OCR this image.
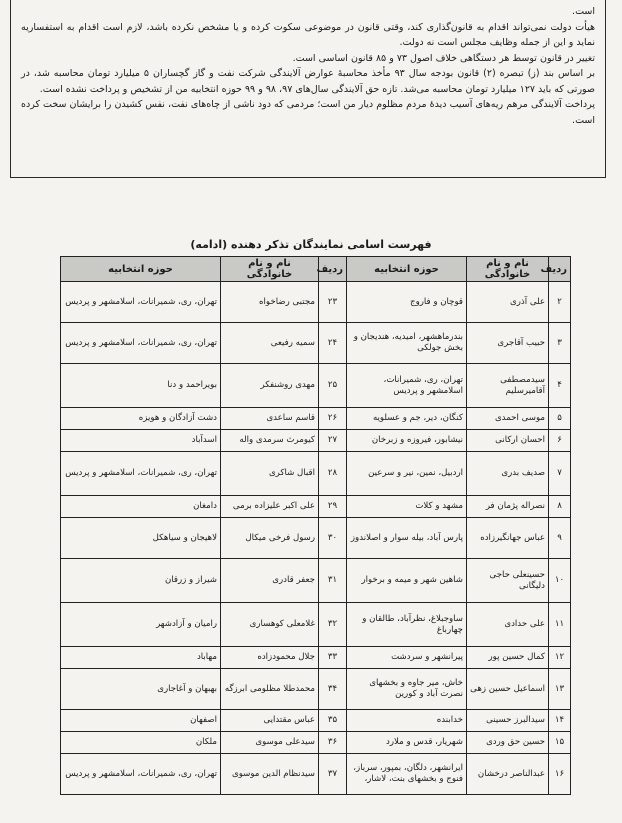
است.

هیأت دولت نمی‌تواند اقدام به قانون‌گذاری کند، وقتی قانون در موضوعی سکوت کرده و یا مشخص نکرده باشد، لازم است اقدام به استفساریه نماید و این از جمله وظایف مجلس است نه دولت.

تغییر در قانون توسط هر دستگاهی خلاف اصول ۷۳ و ۸۵ قانون اساسی است.

بر اساس بند (ز) تبصره (۲) قانون بودجه سال ۹۳ مأخذ محاسبهٔ عوارض آلایندگی شرکت نفت و گاز گچساران ۵ میلیارد تومان محاسبه شد، در صورتی که باید ۱۲۷ میلیارد تومان محاسبه می‌شد. تازه حق آلایندگی سال‌های ۹۷، ۹۸ و ۹۹ حوزه انتخابیه من از تشخیص و پرداخت نشده است.

پرداخت آلایندگی مرهم ریه‌های آسیب دیدهٔ مردم مظلوم دیار من است؛ مردمی که دود ناشی از چاه‌های نفت، نفس کشیدن را برایشان سخت کرده است.

فهرست اسامی نمایندگان تذکر دهنده (ادامه)
ردیف	نام و نام خانوادگی	حوزه انتخابیه	ردیف	نام و نام خانوادگی	حوزه انتخابیه
۲	علی آذری	قوچان و فاروج	۲۳	مجتبی رضاخواه	تهران، ری، شمیرانات، اسلامشهر و پردیس
۳	حبیب آقاجری	بندرماهشهر، امیدیه، هندیجان و بخش جولکی	۲۴	سمیه رفیعی	تهران، ری، شمیرانات، اسلامشهر و پردیس
۴	سیدمصطفی آقامیرسلیم	تهران، ری، شمیرانات، اسلامشهر و پردیس	۲۵	مهدی روشنفکر	بویراحمد و دنا
۵	موسی احمدی	کنگان، دیر، جم و عسلویه	۲۶	قاسم ساعدی	دشت آزادگان و هویزه
۶	احسان ارکانی	نیشابور، فیروزه و زبرخان	۲۷	کیومرث سرمدی واله	اسدآباد
۷	صدیف بدری	اردبیل، نمین، نیر و سرعین	۲۸	اقبال شاکری	تهران، ری، شمیرانات، اسلامشهر و پردیس
۸	نصراله پژمان فر	مشهد و کلات	۲۹	علی اکبر علیزاده برمی	دامغان
۹	عباس جهانگیرزاده	پارس آباد، بیله سوار و اصلاندوز	۳۰	رسول فرخی میکال	لاهیجان و سیاهکل
۱۰	حسینعلی حاجی دلیگانی	شاهین شهر و میمه و برخوار	۳۱	جعفر قادری	شیراز و زرقان
۱۱	علی حدادی	ساوجبلاغ، نظرآباد، طالقان و چهارباغ	۳۲	غلامعلی کوهساری	رامیان و آزادشهر
۱۲	کمال حسین پور	پیرانشهر و سردشت	۳۳	جلال محمودزاده	مهاباد
۱۳	اسماعیل حسین زهی	خاش، میر جاوه و بخشهای نصرت آباد و کورین	۳۴	محمدطلا مظلومی ابرزگه	بهبهان و آغاجاری
۱۴	سیدالبرز حسینی	خدابنده	۳۵	عباس مقتدایی	اصفهان
۱۵	حسین حق وردی	شهریار، قدس و ملارد	۳۶	سیدعلی موسوی	ملکان
۱۶	عبدالناصر درخشان	ایرانشهر، دلگان، بمپور، سرباز، فنوج و بخشهای بنت، لاشار،	۳۷	سیدنظام الدین موسوی	تهران، ری، شمیرانات، اسلامشهر و پردیس
